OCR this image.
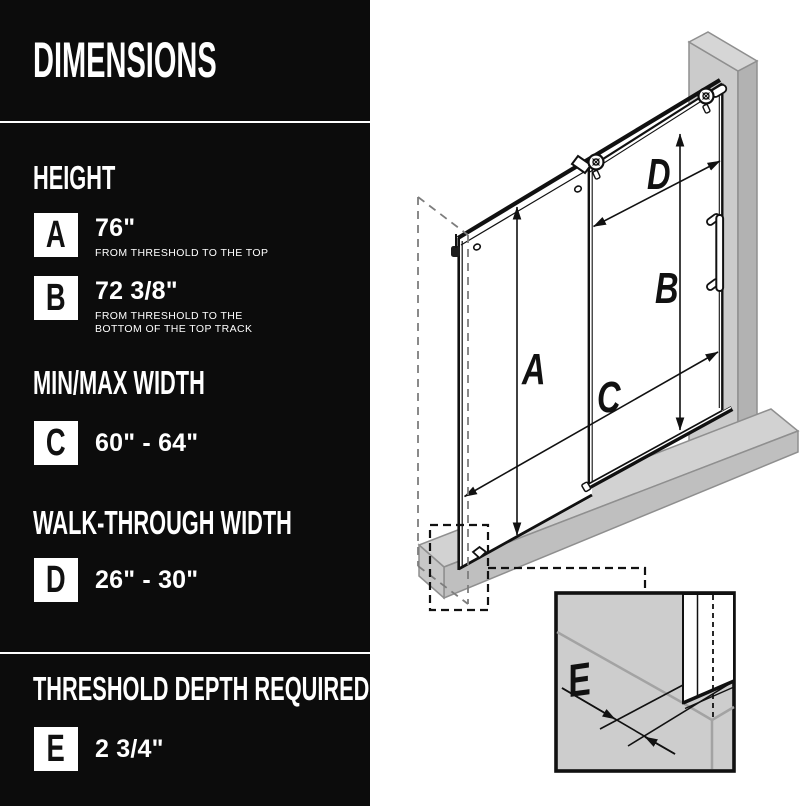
DIMENSIONS
HEIGHT
A 76"
FROM THRESHOLD TO THE TOP
B 72 3/8"
FROM THRESHOLD TO THE BOTTOM OF THE TOP TRACK
MIN/MAX WIDTH
C 60" - 64"
WALK-THROUGH WIDTH
D 26" - 30"
THRESHOLD DEPTH REQUIRED
E 2 3/4"
A
B
C
D
E
